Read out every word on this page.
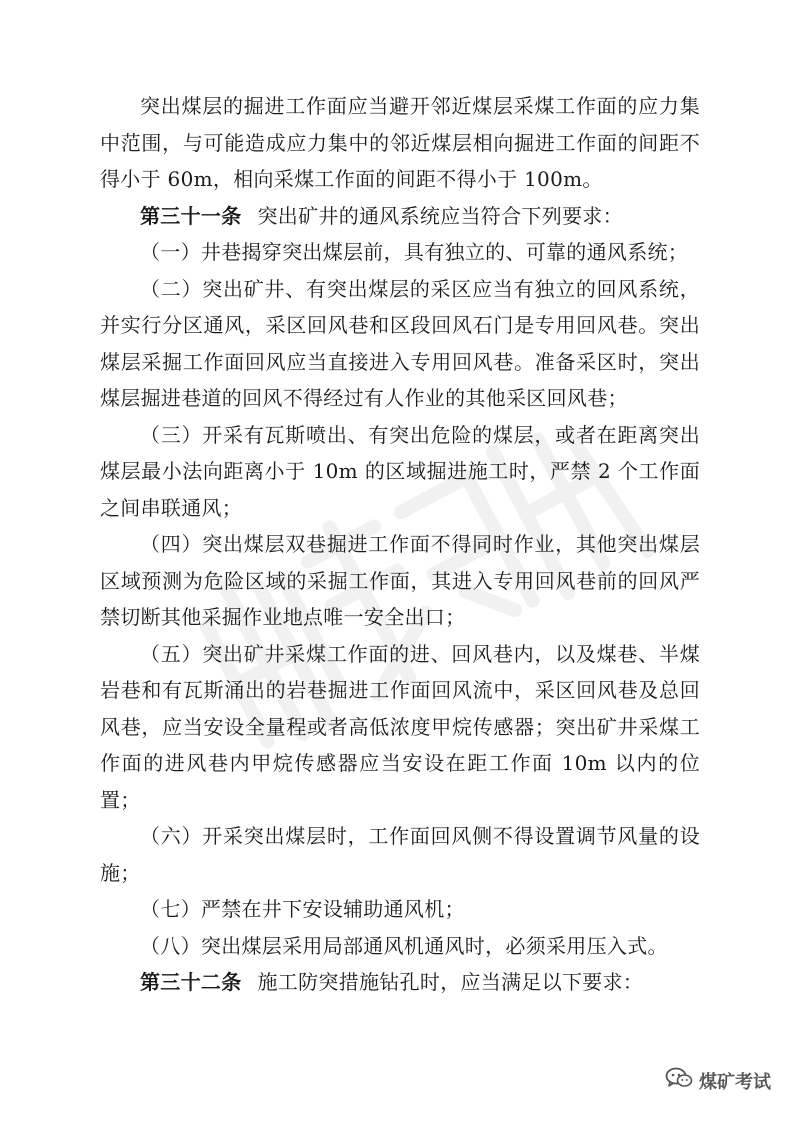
突出煤层的掘进工作面应当避开邻近煤层采煤工作面的应力集中范围，与可能造成应力集中的邻近煤层相向掘进工作面的间距不得小于 60m，相向采煤工作面的间距不得小于 100m。

第三十一条 突出矿井的通风系统应当符合下列要求：

（一）井巷揭穿突出煤层前，具有独立的、可靠的通风系统；

（二）突出矿井、有突出煤层的采区应当有独立的回风系统，并实行分区通风，采区回风巷和区段回风石门是专用回风巷。突出煤层采掘工作面回风应当直接进入专用回风巷。准备采区时，突出煤层掘进巷道的回风不得经过有人作业的其他采区回风巷；

（三）开采有瓦斯喷出、有突出危险的煤层，或者在距离突出煤层最小法向距离小于 10m 的区域掘进施工时，严禁 2 个工作面之间串联通风；

（四）突出煤层双巷掘进工作面不得同时作业，其他突出煤层区域预测为危险区域的采掘工作面，其进入专用回风巷前的回风严禁切断其他采掘作业地点唯一安全出口；

（五）突出矿井采煤工作面的进、回风巷内，以及煤巷、半煤岩巷和有瓦斯涌出的岩巷掘进工作面回风流中，采区回风巷及总回风巷，应当安设全量程或者高低浓度甲烷传感器；突出矿井采煤工作面的进风巷内甲烷传感器应当安设在距工作面 10m 以内的位置；

（六）开采突出煤层时，工作面回风侧不得设置调节风量的设施；

（七）严禁在井下安设辅助通风机；

（八）突出煤层采用局部通风机通风时，必须采用压入式。

第三十二条 施工防突措施钻孔时，应当满足以下要求：

煤矿考试
